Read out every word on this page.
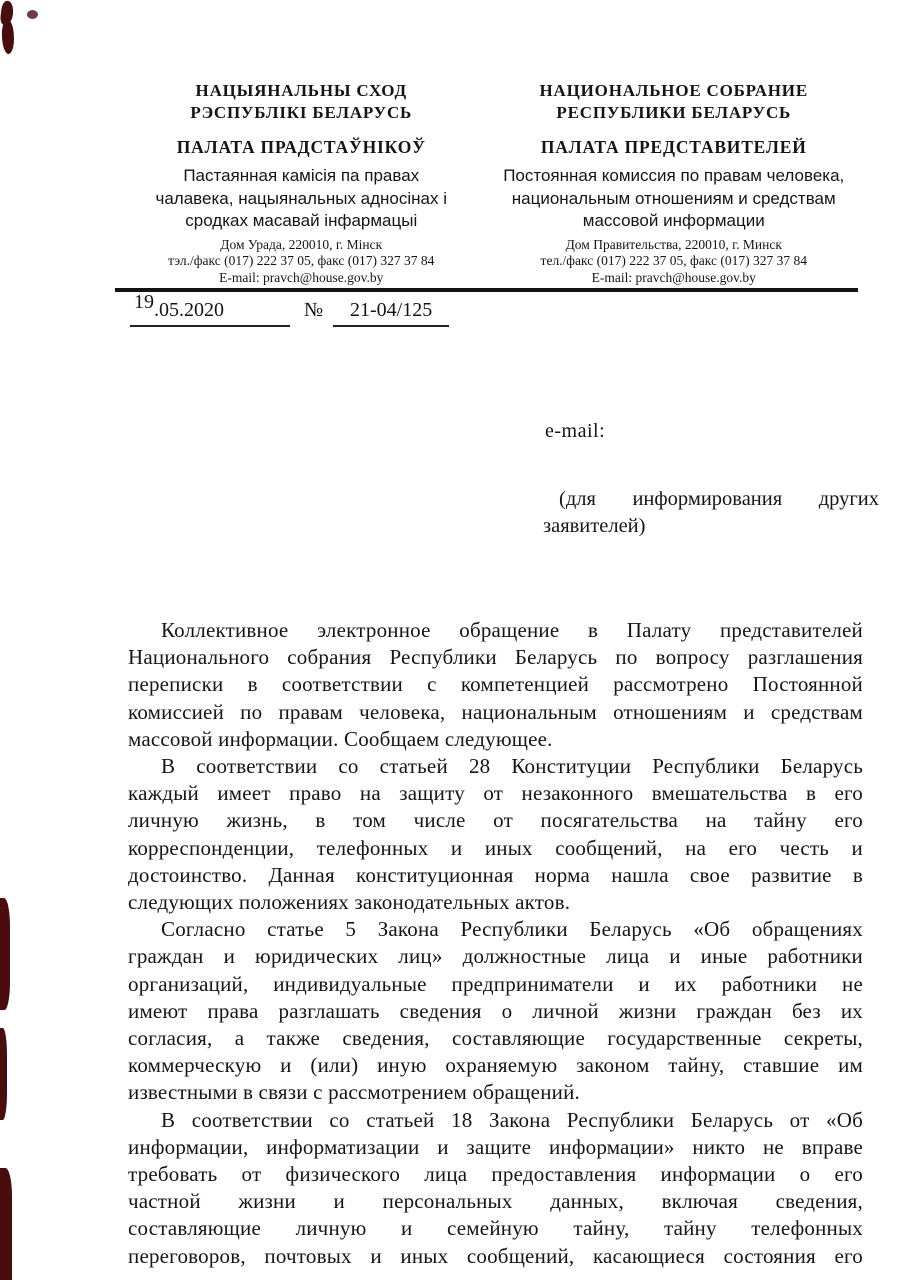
НАЦЫЯНАЛЬНЫ СХОД
РЭСПУБЛІКІ БЕЛАРУСЬ
ПАЛАТА ПРАДСТАЎНІКОЎ
Пастаянная камісія па правах
чалавека, нацыянальных адносінах і
сродках масавай інфармацыі
Дом Урада, 220010, г. Мінск
тэл./факс (017) 222 37 05, факс (017) 327 37 84
E-mail: pravch@house.gov.by
НАЦИОНАЛЬНОЕ СОБРАНИЕ
РЕСПУБЛИКИ БЕЛАРУСЬ
ПАЛАТА ПРЕДСТАВИТЕЛЕЙ
Постоянная комиссия по правам человека,
национальным отношениям и средствам
массовой информации
Дом Правительства, 220010, г. Минск
тел./факс (017) 222 37 05, факс (017) 327 37 84
E-mail: pravch@house.gov.by
19.05.2020	№ 21-04/125
e-mail:
(для информирования других
заявителей)
Коллективное электронное обращение в Палату представителей
Национального собрания Республики Беларусь по вопросу разглашения
переписки в соответствии с компетенцией рассмотрено Постоянной
комиссией по правам человека, национальным отношениям и средствам
массовой информации. Сообщаем следующее.
В соответствии со статьей 28 Конституции Республики Беларусь
каждый имеет право на защиту от незаконного вмешательства в его
личную жизнь, в том числе от посягательства на тайну его
корреспонденции, телефонных и иных сообщений, на его честь и
достоинство. Данная конституционная норма нашла свое развитие в
следующих положениях законодательных актов.
Согласно статье 5 Закона Республики Беларусь «Об обращениях
граждан и юридических лиц» должностные лица и иные работники
организаций, индивидуальные предприниматели и их работники не
имеют права разглашать сведения о личной жизни граждан без их
согласия, а также сведения, составляющие государственные секреты,
коммерческую и (или) иную охраняемую законом тайну, ставшие им
известными в связи с рассмотрением обращений.
В соответствии со статьей 18 Закона Республики Беларусь от «Об
информации, информатизации и защите информации» никто не вправе
требовать от физического лица предоставления информации о его
частной жизни и персональных данных, включая сведения,
составляющие личную и семейную тайну, тайну телефонных
переговоров, почтовых и иных сообщений, касающиеся состояния его
